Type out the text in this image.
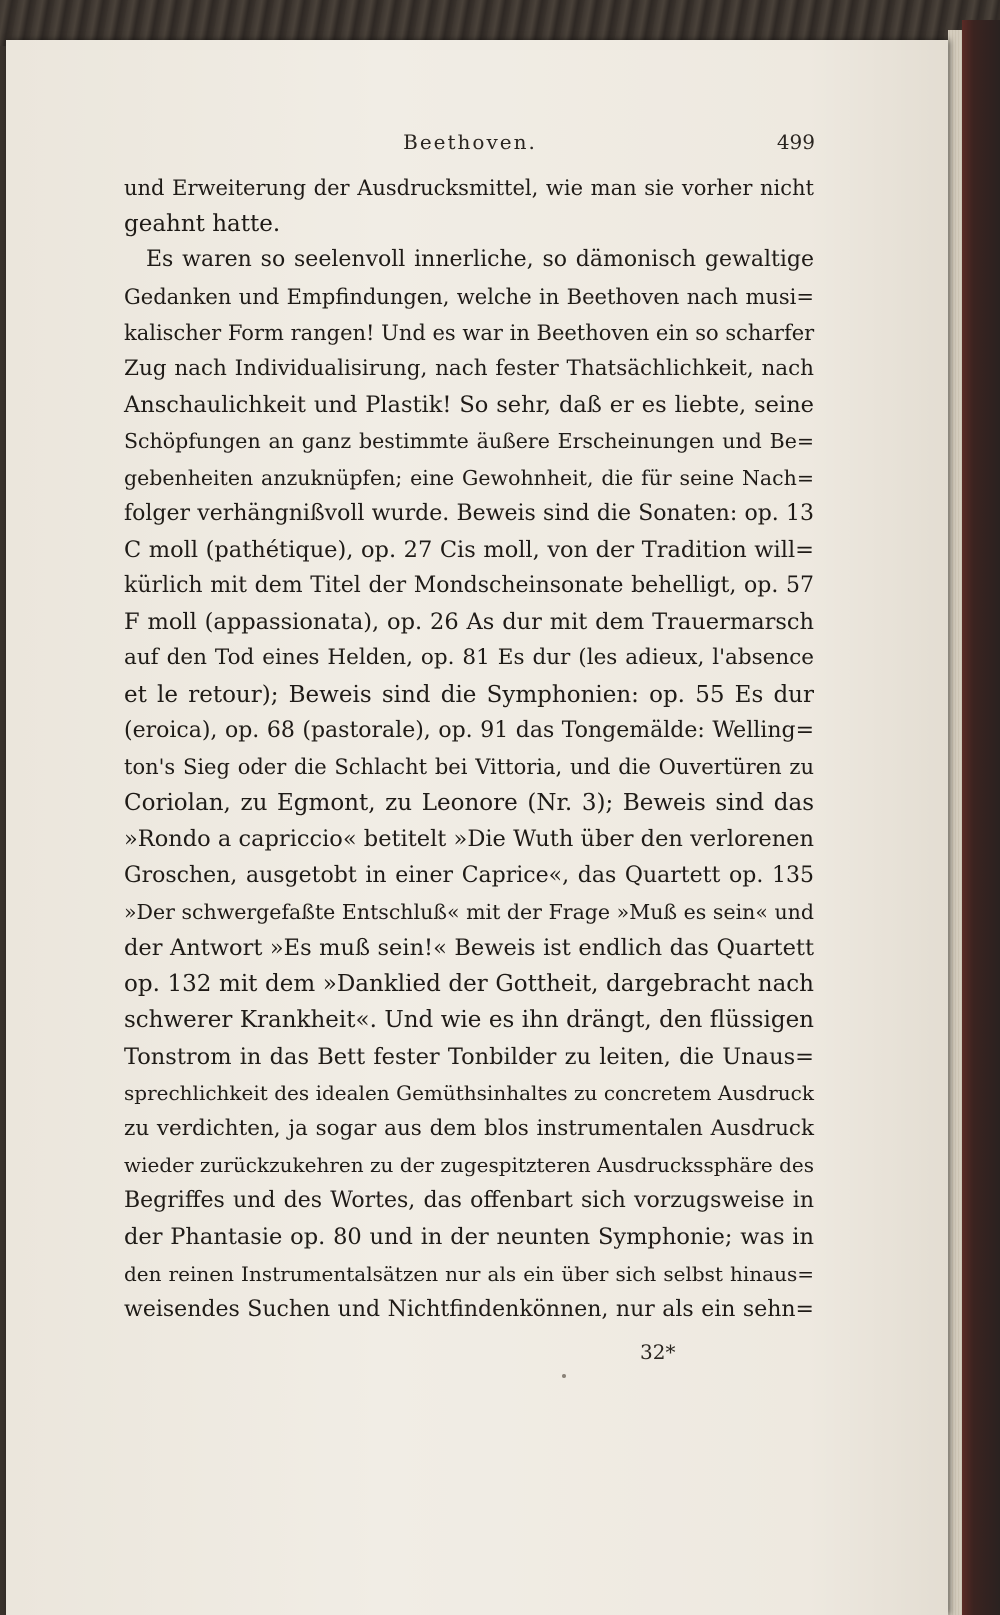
Beethoven.	499
und Erweiterung der Ausdrucksmittel, wie man sie vorher nicht
geahnt hatte.
Es waren so seelenvoll innerliche, so dämonisch gewaltige
Gedanken und Empfindungen, welche in Beethoven nach musi=
kalischer Form rangen! Und es war in Beethoven ein so scharfer
Zug nach Individualisirung, nach fester Thatsächlichkeit, nach
Anschaulichkeit und Plastik! So sehr, daß er es liebte, seine
Schöpfungen an ganz bestimmte äußere Erscheinungen und Be=
gebenheiten anzuknüpfen; eine Gewohnheit, die für seine Nach=
folger verhängnißvoll wurde. Beweis sind die Sonaten: op. 13
C moll (pathétique), op. 27 Cis moll, von der Tradition will=
kürlich mit dem Titel der Mondscheinsonate behelligt, op. 57
F moll (appassionata), op. 26 As dur mit dem Trauermarsch
auf den Tod eines Helden, op. 81 Es dur (les adieux, l'absence
et le retour); Beweis sind die Symphonien: op. 55 Es dur
(eroica), op. 68 (pastorale), op. 91 das Tongemälde: Welling=
ton's Sieg oder die Schlacht bei Vittoria, und die Ouvertüren zu
Coriolan, zu Egmont, zu Leonore (Nr. 3); Beweis sind das
»Rondo a capriccio« betitelt »Die Wuth über den verlorenen
Groschen, ausgetobt in einer Caprice«, das Quartett op. 135
»Der schwergefaßte Entschluß« mit der Frage »Muß es sein« und
der Antwort »Es muß sein!« Beweis ist endlich das Quartett
op. 132 mit dem »Danklied der Gottheit, dargebracht nach
schwerer Krankheit«. Und wie es ihn drängt, den flüssigen
Tonstrom in das Bett fester Tonbilder zu leiten, die Unaus=
sprechlichkeit des idealen Gemüthsinhaltes zu concretem Ausdruck
zu verdichten, ja sogar aus dem blos instrumentalen Ausdruck
wieder zurückzukehren zu der zugespitzteren Ausdruckssphäre des
Begriffes und des Wortes, das offenbart sich vorzugsweise in
der Phantasie op. 80 und in der neunten Symphonie; was in
den reinen Instrumentalsätzen nur als ein über sich selbst hinaus=
weisendes Suchen und Nichtfindenkönnen, nur als ein sehn=
32*
